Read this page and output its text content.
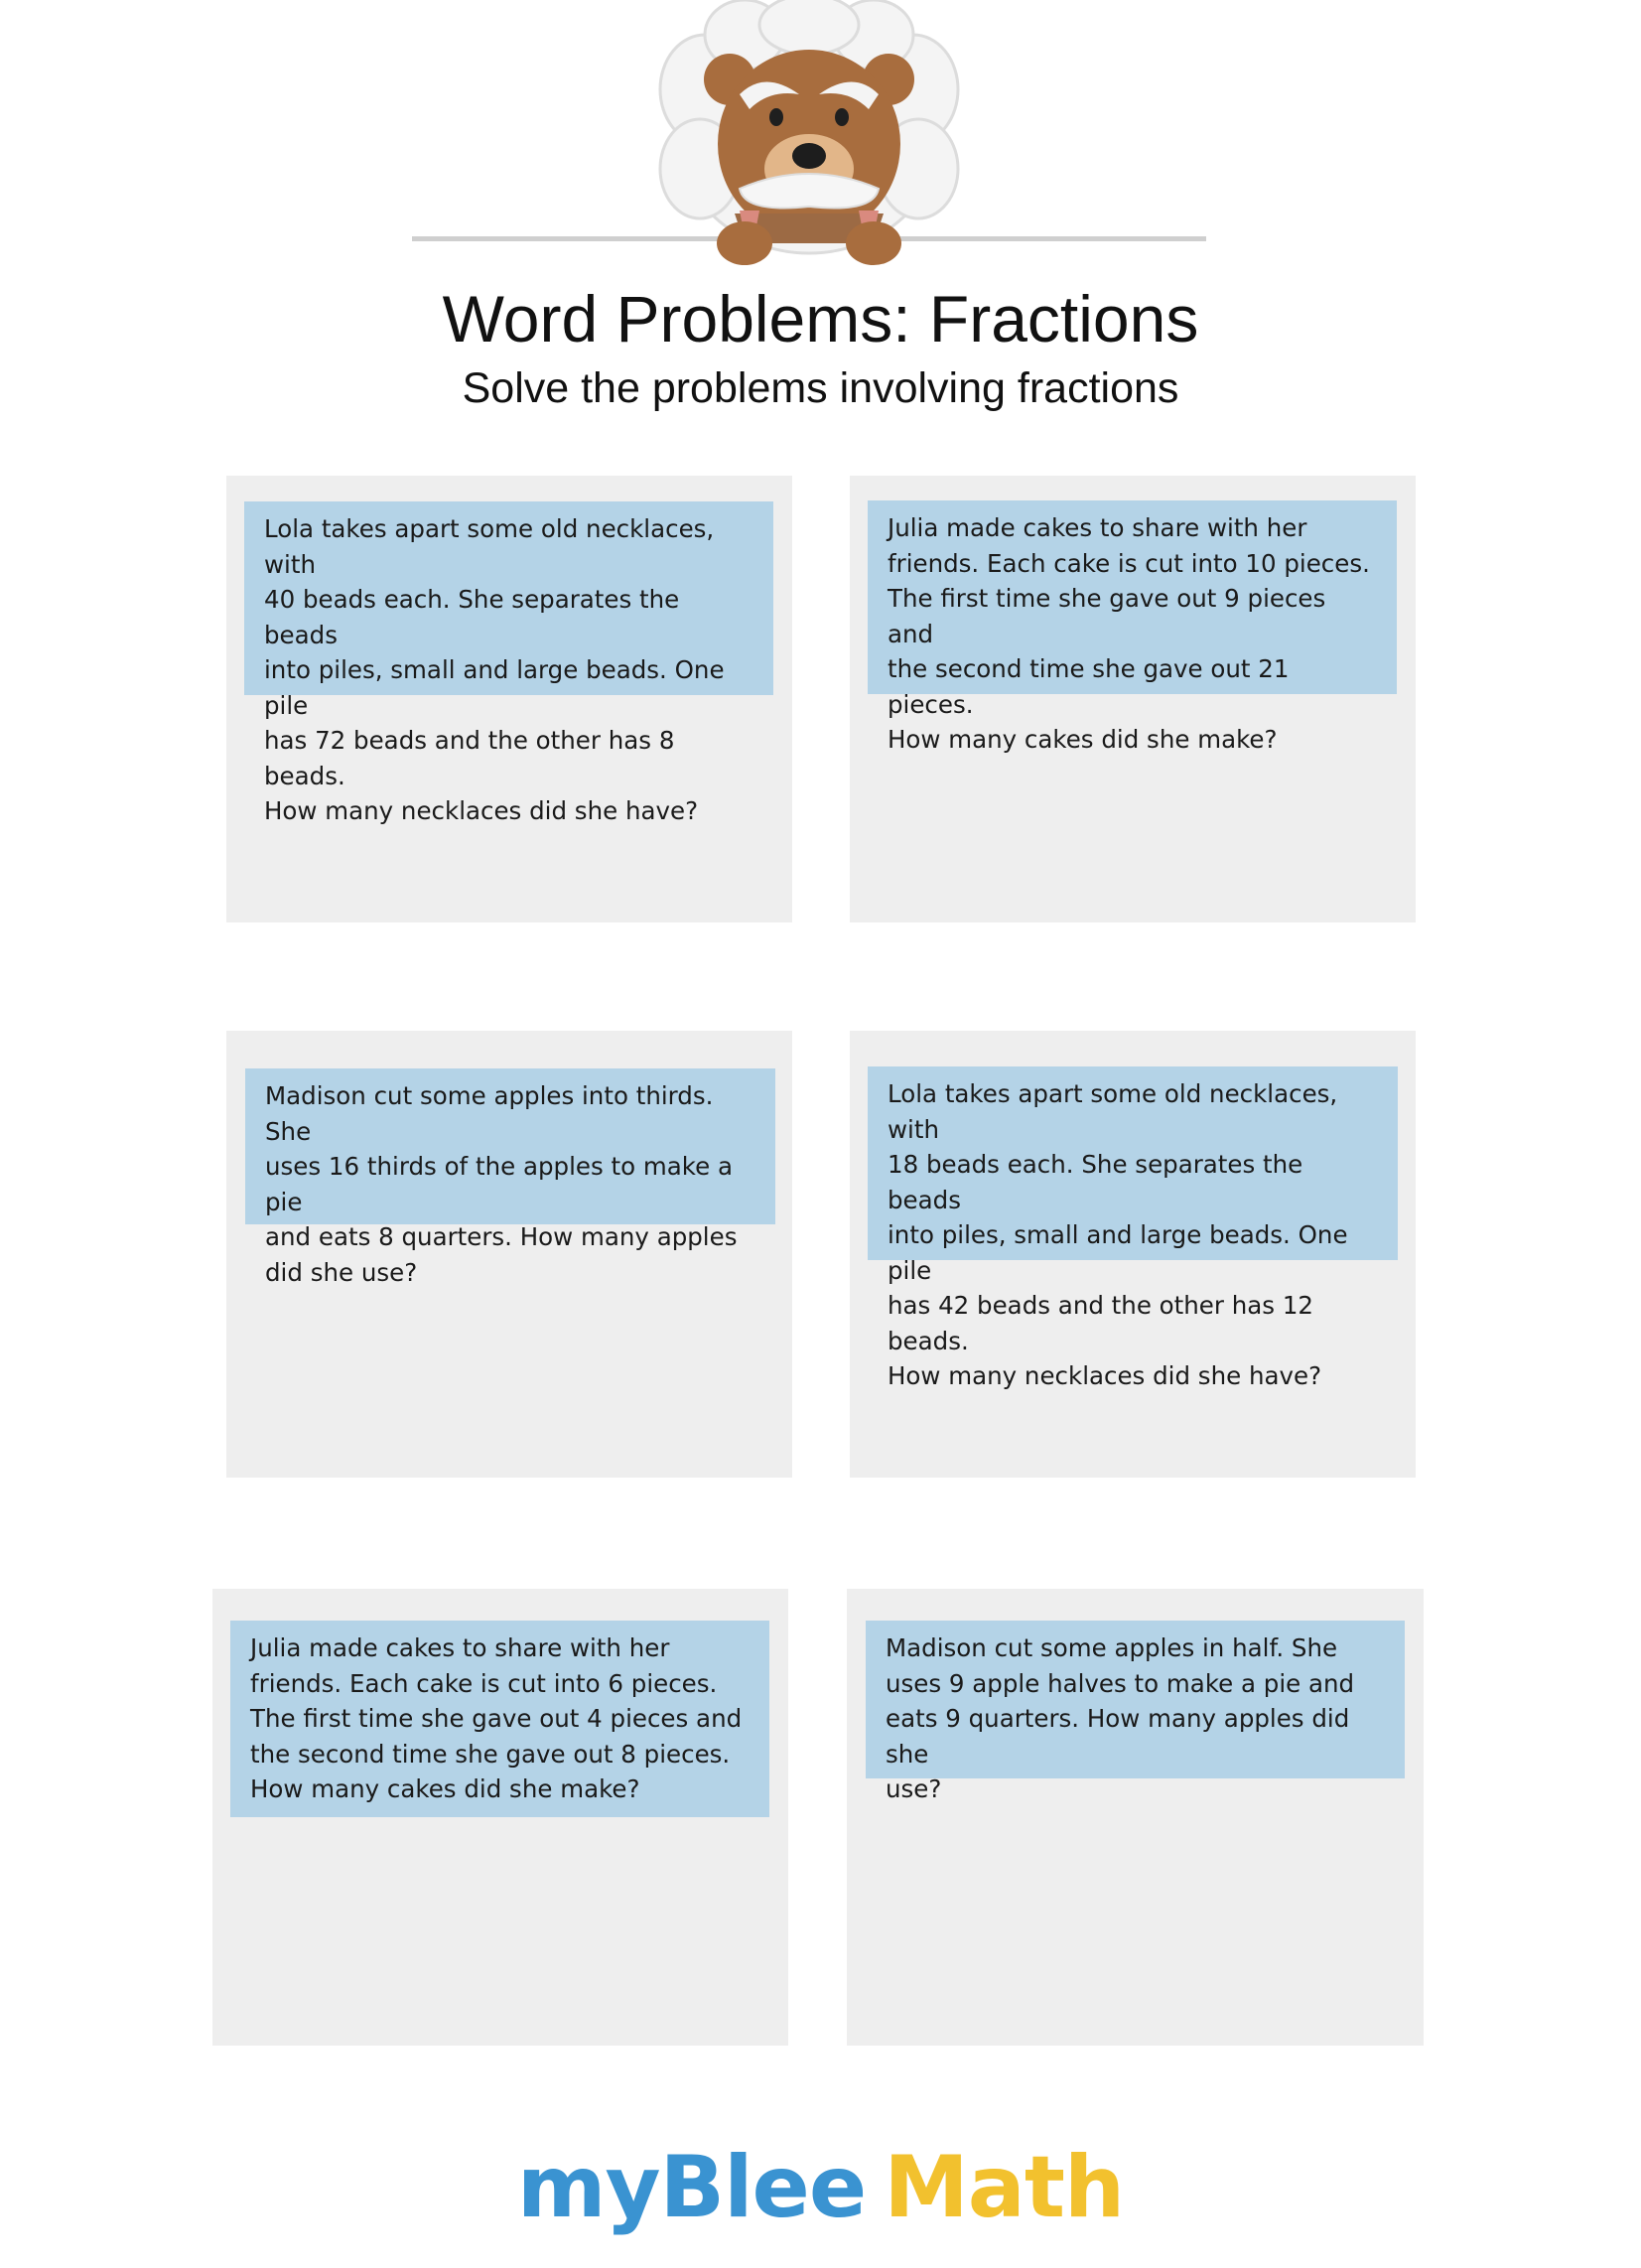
Word Problems: Fractions
Solve the problems involving fractions
Lola takes apart some old necklaces, with
40 beads each. She separates the beads
into piles, small and large beads. One pile
has 72 beads and the other has 8 beads.
How many necklaces did she have?
Julia made cakes to share with her
friends. Each cake is cut into 10 pieces.
The first time she gave out 9 pieces and
the second time she gave out 21 pieces.
How many cakes did she make?
Madison cut some apples into thirds. She
uses 16 thirds of the apples to make a pie
and eats 8 quarters. How many apples
did she use?
Lola takes apart some old necklaces, with
18 beads each. She separates the beads
into piles, small and large beads. One pile
has 42 beads and the other has 12 beads.
How many necklaces did she have?
Julia made cakes to share with her
friends. Each cake is cut into 6 pieces.
The first time she gave out 4 pieces and
the second time she gave out 8 pieces.
How many cakes did she make?
Madison cut some apples in half. She
uses 9 apple halves to make a pie and
eats 9 quarters. How many apples did she
use?
myBlee Math
